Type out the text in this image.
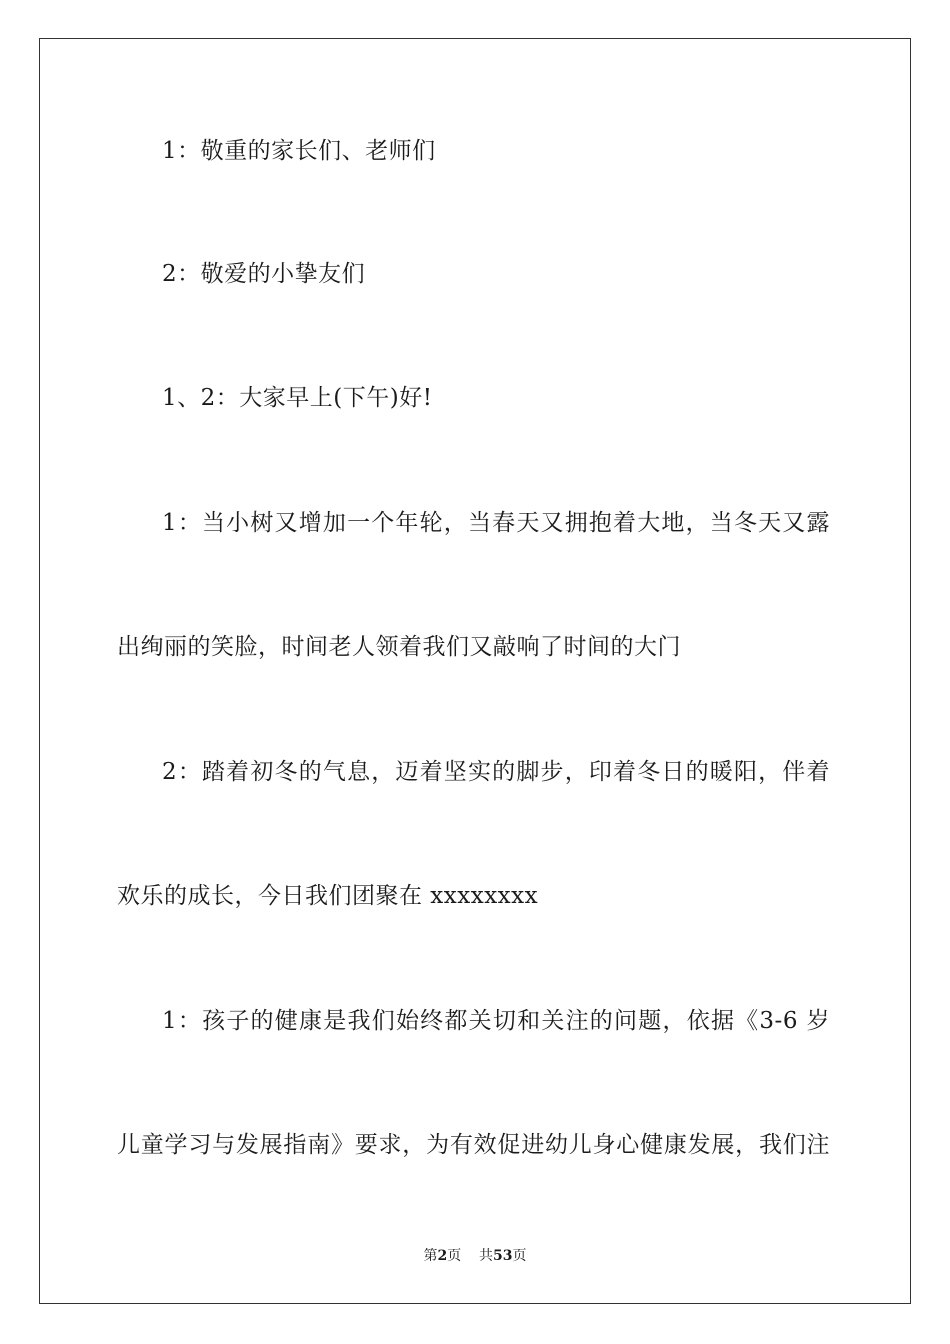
1：敬重的家长们、老师们
2：敬爱的小挚友们
1、2：大家早上(下午)好!
1：当小树又增加一个年轮，当春天又拥抱着大地，当冬天又露
出绚丽的笑脸，时间老人领着我们又敲响了时间的大门
2：踏着初冬的气息，迈着坚实的脚步，印着冬日的暖阳，伴着
欢乐的成长，今日我们团聚在 xxxxxxxx
1：孩子的健康是我们始终都关切和关注的问题，依据《3-6 岁
儿童学习与发展指南》要求，为有效促进幼儿身心健康发展，我们注
第2页 共53页
